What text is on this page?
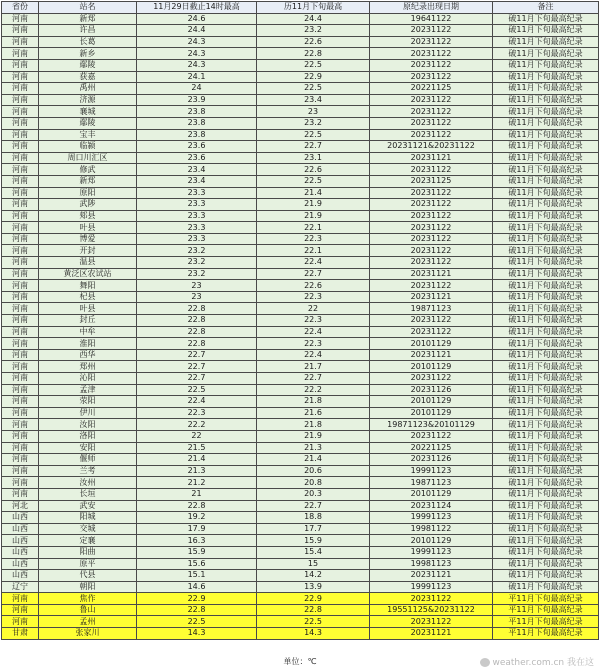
省份	站名	11月29日截止14时最高	历11月下旬最高	原纪录出现日期	备注
河南	新郑	24.6	24.4	19641122	破11月下旬最高纪录
河南	许昌	24.4	23.2	20231122	破11月下旬最高纪录
河南	长葛	24.3	22.6	20231122	破11月下旬最高纪录
河南	新乡	24.3	22.8	20231122	破11月下旬最高纪录
河南	鄢陵	24.3	22.5	20231122	破11月下旬最高纪录
河南	获嘉	24.1	22.9	20231122	破11月下旬最高纪录
河南	禹州	24	22.5	20221125	破11月下旬最高纪录
河南	济源	23.9	23.4	20231122	破11月下旬最高纪录
河南	襄城	23.8	23	20231122	破11月下旬最高纪录
河南	鄢陵	23.8	23.2	20231122	破11月下旬最高纪录
河南	宝丰	23.8	22.5	20231122	破11月下旬最高纪录
河南	临颍	23.6	22.7	20231121&20231122	破11月下旬最高纪录
河南	周口川汇区	23.6	23.1	20231121	破11月下旬最高纪录
河南	修武	23.4	22.6	20231122	破11月下旬最高纪录
河南	新郑	23.4	22.5	20231125	破11月下旬最高纪录
河南	原阳	23.3	21.4	20231122	破11月下旬最高纪录
河南	武陟	23.3	21.9	20231122	破11月下旬最高纪录
河南	郏县	23.3	21.9	20231122	破11月下旬最高纪录
河南	叶县	23.3	22.1	20231122	破11月下旬最高纪录
河南	博爱	23.3	22.3	20231122	破11月下旬最高纪录
河南	开封	23.2	22.1	20231122	破11月下旬最高纪录
河南	温县	23.2	22.4	20231122	破11月下旬最高纪录
河南	黄泛区农试站	23.2	22.7	20231121	破11月下旬最高纪录
河南	舞阳	23	22.6	20231122	破11月下旬最高纪录
河南	杞县	23	22.3	20231121	破11月下旬最高纪录
河南	叶县	22.8	22	19871123	破11月下旬最高纪录
河南	封丘	22.8	22.3	20231122	破11月下旬最高纪录
河南	中牟	22.8	22.4	20231122	破11月下旬最高纪录
河南	淮阳	22.8	22.3	20101129	破11月下旬最高纪录
河南	西华	22.7	22.4	20231121	破11月下旬最高纪录
河南	郑州	22.7	21.7	20101129	破11月下旬最高纪录
河南	沁阳	22.7	22.7	20231122	破11月下旬最高纪录
河南	孟津	22.5	22.2	20231126	破11月下旬最高纪录
河南	荥阳	22.4	21.8	20101129	破11月下旬最高纪录
河南	伊川	22.3	21.6	20101129	破11月下旬最高纪录
河南	汝阳	22.2	21.8	19871123&20101129	破11月下旬最高纪录
河南	洛阳	22	21.9	20231122	破11月下旬最高纪录
河南	安阳	21.5	21.3	20221125	破11月下旬最高纪录
河南	偃师	21.4	21.4	20231126	破11月下旬最高纪录
河南	兰考	21.3	20.6	19991123	破11月下旬最高纪录
河南	汝州	21.2	20.8	19871123	破11月下旬最高纪录
河南	长垣	21	20.3	20101129	破11月下旬最高纪录
河北	武安	22.8	22.7	20231124	破11月下旬最高纪录
山西	阳城	19.2	18.8	19991123	破11月下旬最高纪录
山西	交城	17.9	17.7	19981122	破11月下旬最高纪录
山西	定襄	16.3	15.9	20101129	破11月下旬最高纪录
山西	阳曲	15.9	15.4	19991123	破11月下旬最高纪录
山西	原平	15.6	15	19981123	破11月下旬最高纪录
山西	代县	15.1	14.2	20231121	破11月下旬最高纪录
辽宁	朝阳	14.6	13.9	19991123	破11月下旬最高纪录
河南	焦作	22.9	22.9	20231122	平11月下旬最高纪录
河南	鲁山	22.8	22.8	19551125&20231122	平11月下旬最高纪录
河南	孟州	22.5	22.5	20231122	平11月下旬最高纪录
甘肃	张家川	14.3	14.3	20231121	平11月下旬最高纪录
单位：℃	weather.com.cn 我在这
